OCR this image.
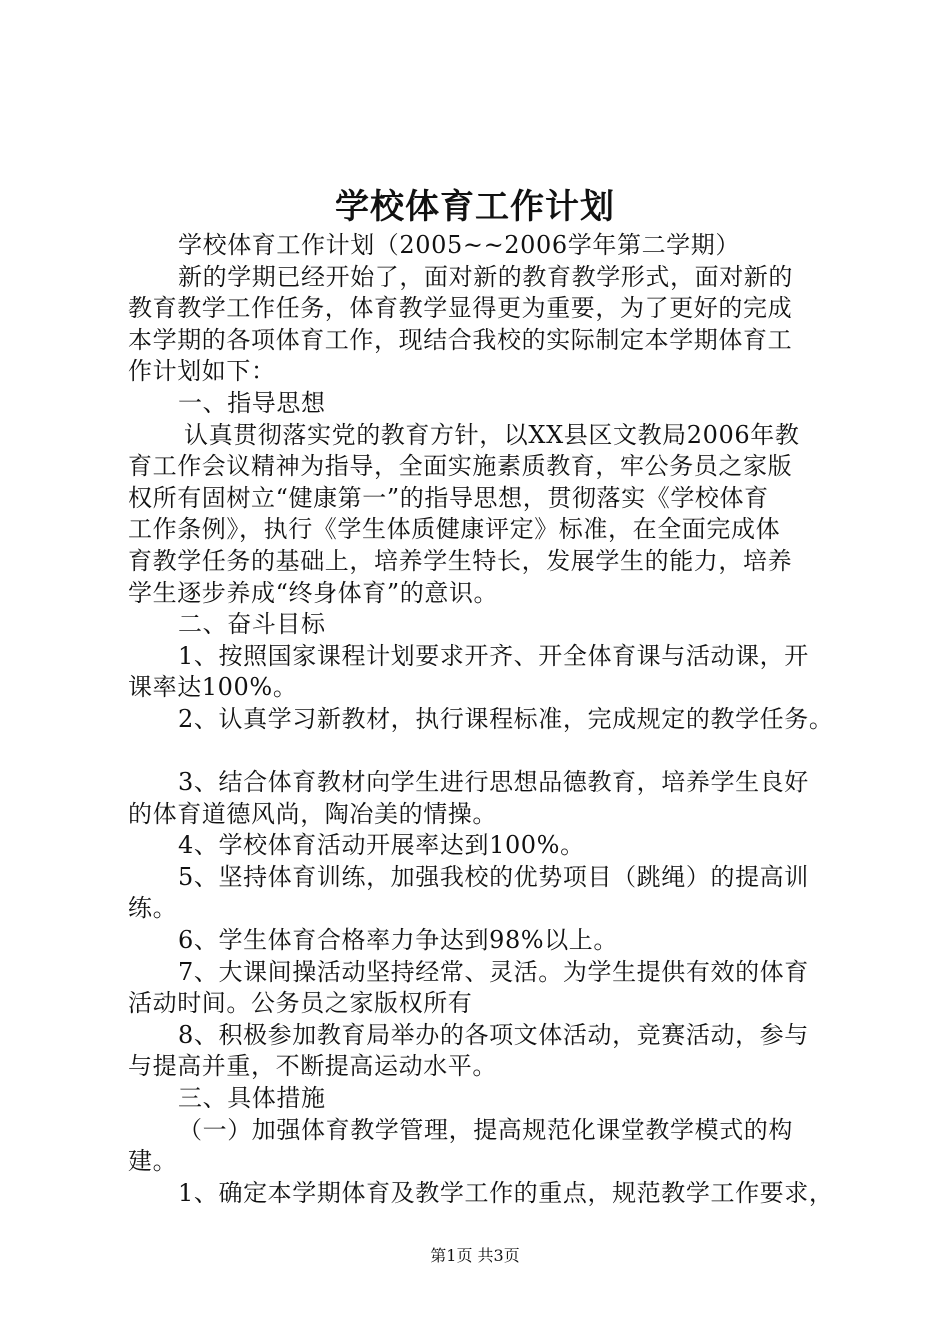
学校体育工作计划
学校体育工作计划（2005~~2006学年第二学期）
新的学期已经开始了，面对新的教育教学形式，面对新的
教育教学工作任务，体育教学显得更为重要，为了更好的完成
本学期的各项体育工作，现结合我校的实际制定本学期体育工
作计划如下：
一、指导思想
认真贯彻落实党的教育方针，以XX县区文教局2006年教
育工作会议精神为指导，全面实施素质教育，牢公务员之家版
权所有固树立“健康第一”的指导思想，贯彻落实《学校体育
工作条例》，执行《学生体质健康评定》标准，在全面完成体
育教学任务的基础上，培养学生特长，发展学生的能力，培养
学生逐步养成“终身体育”的意识。
二、奋斗目标
1、按照国家课程计划要求开齐、开全体育课与活动课，开
课率达100%。
2、认真学习新教材，执行课程标准，完成规定的教学任务。
3、结合体育教材向学生进行思想品德教育，培养学生良好
的体育道德风尚，陶冶美的情操。
4、学校体育活动开展率达到100%。
5、坚持体育训练，加强我校的优势项目（跳绳）的提高训
练。
6、学生体育合格率力争达到98%以上。
7、大课间操活动坚持经常、灵活。为学生提供有效的体育
活动时间。公务员之家版权所有
8、积极参加教育局举办的各项文体活动，竞赛活动，参与
与提高并重，不断提高运动水平。
三、具体措施
（一）加强体育教学管理，提高规范化课堂教学模式的构
建。
1、确定本学期体育及教学工作的重点，规范教学工作要求，
第1页 共3页
